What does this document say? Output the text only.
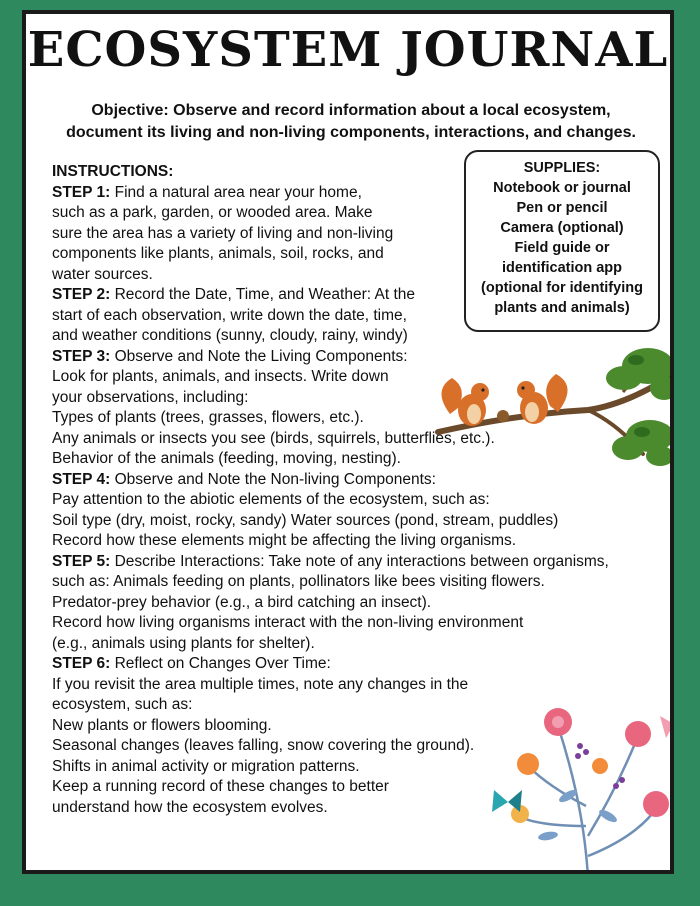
ECOSYSTEM JOURNAL
Objective: Observe and record information about a local ecosystem,
document its living and non-living components, interactions, and changes.
INSTRUCTIONS:
STEP 1: Find a natural area near your home,
such as a park, garden, or wooded area. Make
sure the area has a variety of living and non-living
components like plants, animals, soil, rocks, and
water sources.
STEP 2: Record the Date, Time, and Weather: At the
start of each observation, write down the date, time,
and weather conditions (sunny, cloudy, rainy, windy)
STEP 3: Observe and Note the Living Components:
Look for plants, animals, and insects. Write down
your observations, including:
Types of plants (trees, grasses, flowers, etc.).
Any animals or insects you see (birds, squirrels, butterflies, etc.).
Behavior of the animals (feeding, moving, nesting).
STEP 4: Observe and Note the Non-living Components:
Pay attention to the abiotic elements of the ecosystem, such as:
Soil type (dry, moist, rocky, sandy) Water sources (pond, stream, puddles)
Record how these elements might be affecting the living organisms.
STEP 5: Describe Interactions: Take note of any interactions between organisms,
such as: Animals feeding on plants, pollinators like bees visiting flowers.
Predator-prey behavior (e.g., a bird catching an insect).
Record how living organisms interact with the non-living environment
(e.g., animals using plants for shelter).
STEP 6: Reflect on Changes Over Time:
If you revisit the area multiple times, note any changes in the
ecosystem, such as:
New plants or flowers blooming.
Seasonal changes (leaves falling, snow covering the ground).
Shifts in animal activity or migration patterns.
Keep a running record of these changes to better
understand how the ecosystem evolves.
SUPPLIES:
Notebook or journal
Pen or pencil
Camera (optional)
Field guide or
identification app
(optional for identifying
plants and animals)
